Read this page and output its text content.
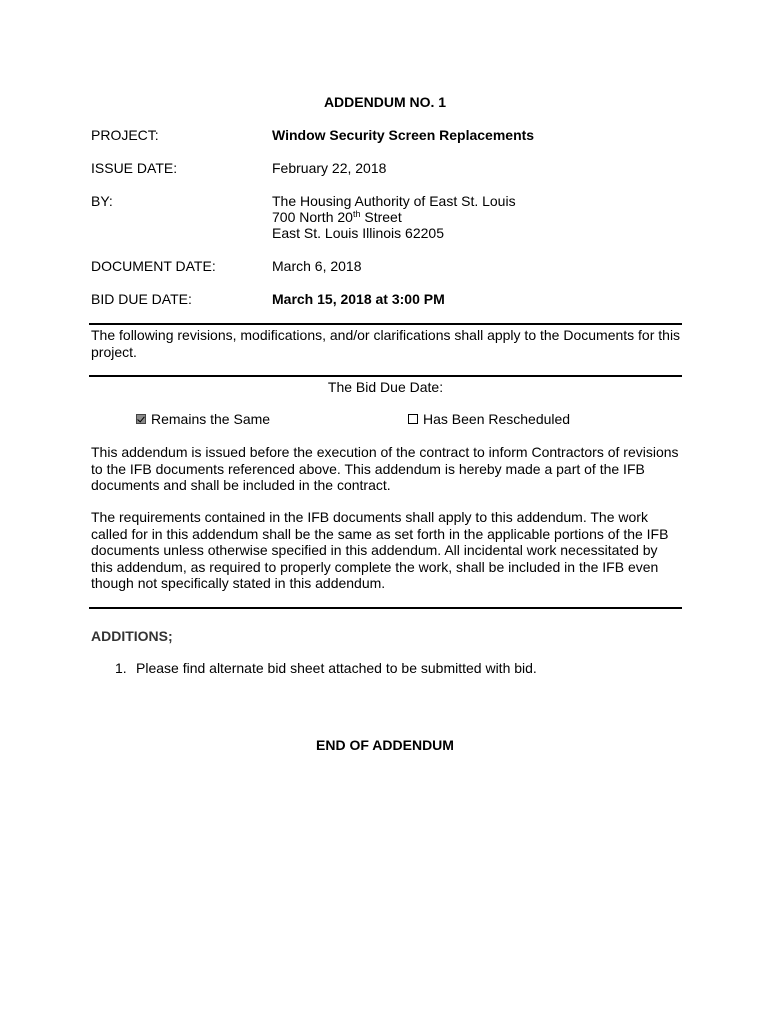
ADDENDUM NO. 1
PROJECT:	Window Security Screen Replacements
ISSUE DATE:	February 22, 2018
BY:	The Housing Authority of East St. Louis
700 North 20th Street
East St. Louis Illinois 62205
DOCUMENT DATE:	March 6, 2018
BID DUE DATE:	March 15, 2018 at 3:00 PM
The following revisions, modifications, and/or clarifications shall apply to the Documents for this project.
The Bid Due Date:
Remains the Same	Has Been Rescheduled
This addendum is issued before the execution of the contract to inform Contractors of revisions to the IFB documents referenced above. This addendum is hereby made a part of the IFB documents and shall be included in the contract.
The requirements contained in the IFB documents shall apply to this addendum. The work called for in this addendum shall be the same as set forth in the applicable portions of the IFB documents unless otherwise specified in this addendum. All incidental work necessitated by this addendum, as required to properly complete the work, shall be included in the IFB even though not specifically stated in this addendum.
ADDITIONS;
1. Please find alternate bid sheet attached to be submitted with bid.
END OF ADDENDUM
